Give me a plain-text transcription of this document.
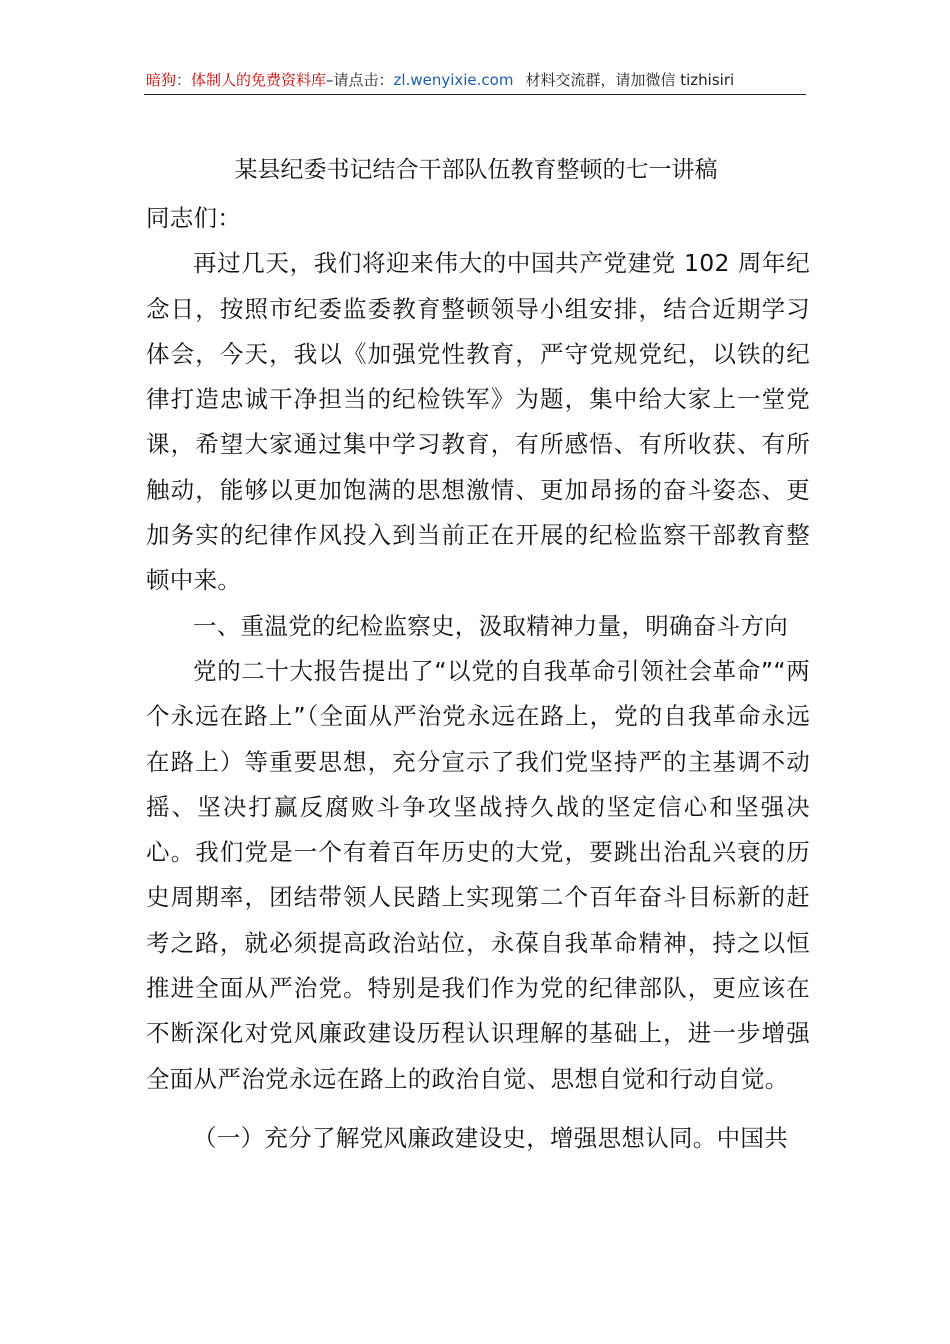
暗狗：体制人的免费资料库–请点击：zl.wenyixie.com 材料交流群，请加微信 tizhisiri
某县纪委书记结合干部队伍教育整顿的七一讲稿

同志们：

再过几天，我们将迎来伟大的中国共产党建党 102 周年纪念日，按照市纪委监委教育整顿领导小组安排，结合近期学习体会，今天，我以《加强党性教育，严守党规党纪，以铁的纪律打造忠诚干净担当的纪检铁军》为题，集中给大家上一堂党课，希望大家通过集中学习教育，有所感悟、有所收获、有所触动，能够以更加饱满的思想激情、更加昂扬的奋斗姿态、更加务实的纪律作风投入到当前正在开展的纪检监察干部教育整顿中来。

一、重温党的纪检监察史，汲取精神力量，明确奋斗方向

党的二十大报告提出了“以党的自我革命引领社会革命”“两个永远在路上”（全面从严治党永远在路上，党的自我革命永远在路上）等重要思想，充分宣示了我们党坚持严的主基调不动摇、坚决打赢反腐败斗争攻坚战持久战的坚定信心和坚强决心。我们党是一个有着百年历史的大党，要跳出治乱兴衰的历史周期率，团结带领人民踏上实现第二个百年奋斗目标新的赶考之路，就必须提高政治站位，永葆自我革命精神，持之以恒推进全面从严治党。特别是我们作为党的纪律部队，更应该在不断深化对党风廉政建设历程认识理解的基础上，进一步增强全面从严治党永远在路上的政治自觉、思想自觉和行动自觉。

（一）充分了解党风廉政建设史，增强思想认同。中国共
